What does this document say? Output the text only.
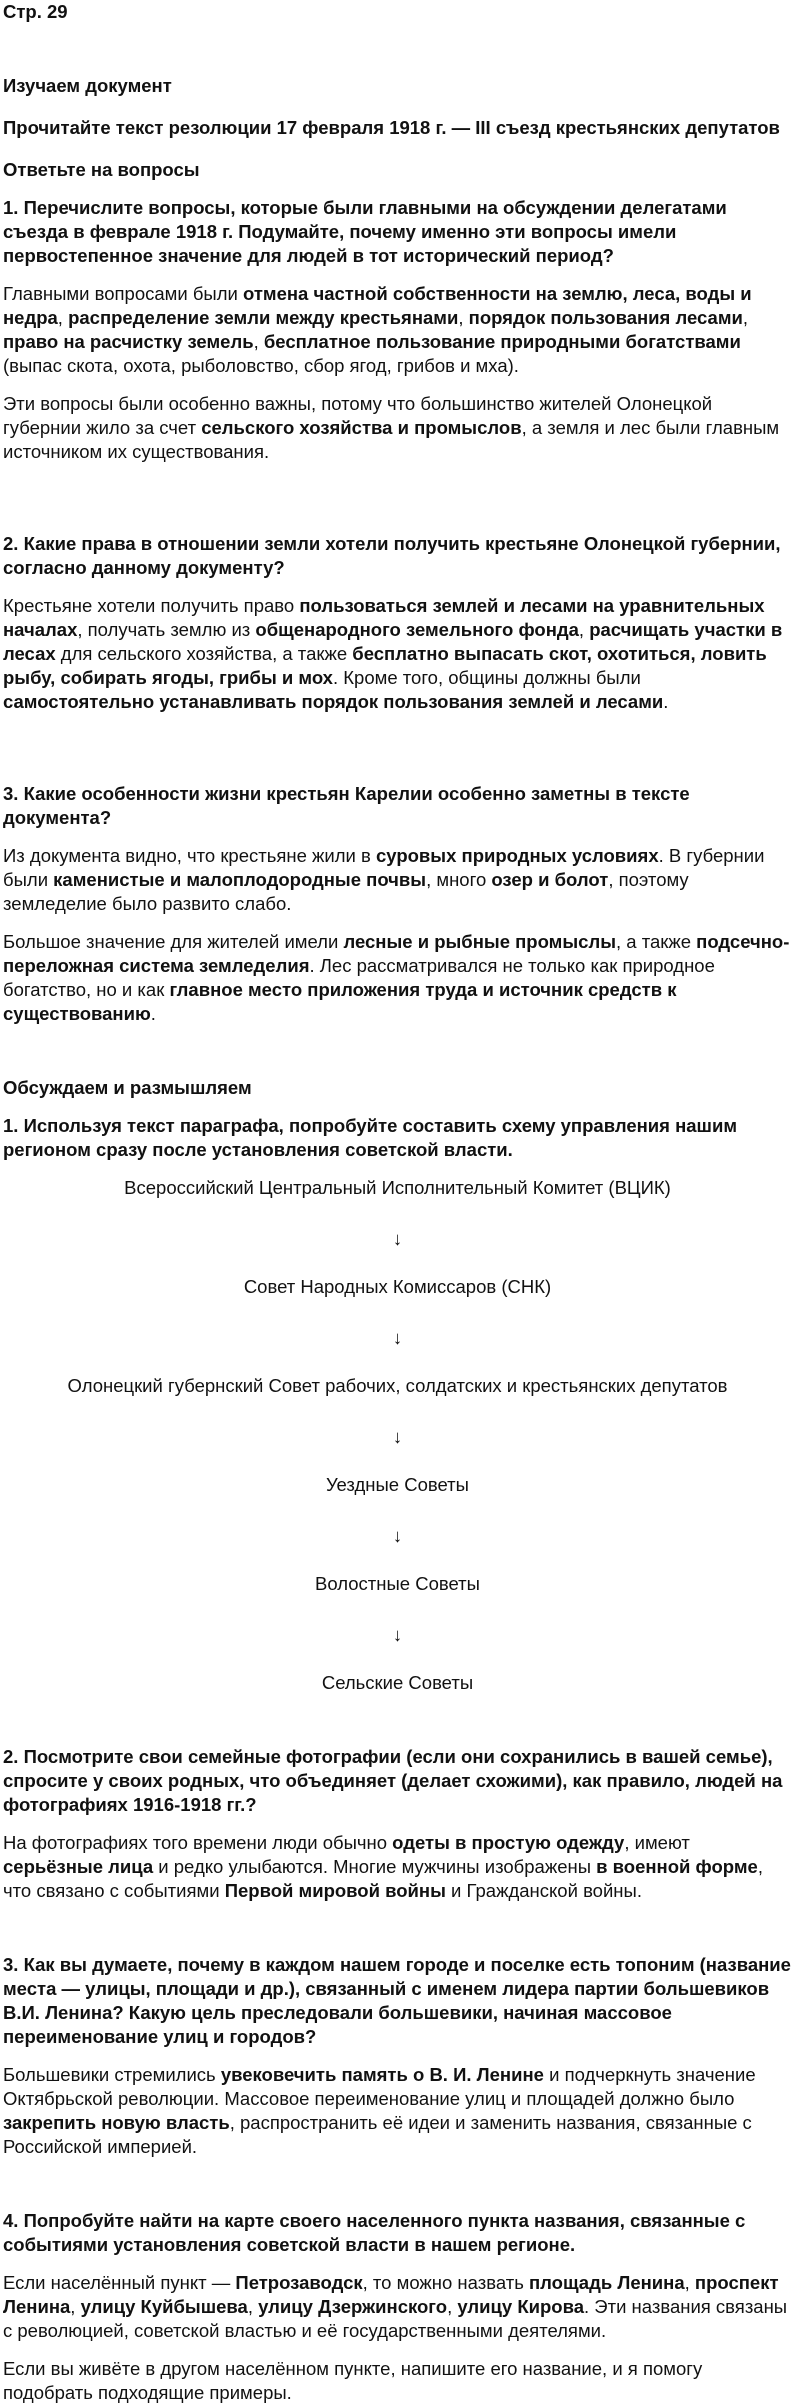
Стр. 29

Изучаем документ

Прочитайте текст резолюции 17 февраля 1918 г. — III съезд крестьянских депутатов

Ответьте на вопросы

1. Перечислите вопросы, которые были главными на обсуждении делегатами съезда в феврале 1918 г. Подумайте, почему именно эти вопросы имели первостепенное значение для людей в тот исторический период?

Главными вопросами были отмена частной собственности на землю, леса, воды и недра, распределение земли между крестьянами, порядок пользования лесами, право на расчистку земель, бесплатное пользование природными богатствами (выпас скота, охота, рыболовство, сбор ягод, грибов и мха).

Эти вопросы были особенно важны, потому что большинство жителей Олонецкой губернии жило за счет сельского хозяйства и промыслов, а земля и лес были главным источником их существования.

2. Какие права в отношении земли хотели получить крестьяне Олонецкой губернии, согласно данному документу?

Крестьяне хотели получить право пользоваться землей и лесами на уравнительных началах, получать землю из общенародного земельного фонда, расчищать участки в лесах для сельского хозяйства, а также бесплатно выпасать скот, охотиться, ловить рыбу, собирать ягоды, грибы и мох. Кроме того, общины должны были самостоятельно устанавливать порядок пользования землей и лесами.

3. Какие особенности жизни крестьян Карелии особенно заметны в тексте документа?

Из документа видно, что крестьяне жили в суровых природных условиях. В губернии были каменистые и малоплодородные почвы, много озер и болот, поэтому земледелие было развито слабо.

Большое значение для жителей имели лесные и рыбные промыслы, а также подсечно-переложная система земледелия. Лес рассматривался не только как природное богатство, но и как главное место приложения труда и источник средств к существованию.

Обсуждаем и размышляем

1. Используя текст параграфа, попробуйте составить схему управления нашим регионом сразу после установления советской власти.

Всероссийский Центральный Исполнительный Комитет (ВЦИК)
↓
Совет Народных Комиссаров (СНК)
↓
Олонецкий губернский Совет рабочих, солдатских и крестьянских депутатов
↓
Уездные Советы
↓
Волостные Советы
↓
Сельские Советы

2. Посмотрите свои семейные фотографии (если они сохранились в вашей семье), спросите у своих родных, что объединяет (делает схожими), как правило, людей на фотографиях 1916-1918 гг.?

На фотографиях того времени люди обычно одеты в простую одежду, имеют серьёзные лица и редко улыбаются. Многие мужчины изображены в военной форме, что связано с событиями Первой мировой войны и Гражданской войны.

3. Как вы думаете, почему в каждом нашем городе и поселке есть топоним (название места — улицы, площади и др.), связанный с именем лидера партии большевиков В.И. Ленина? Какую цель преследовали большевики, начиная массовое переименование улиц и городов?

Большевики стремились увековечить память о В. И. Ленине и подчеркнуть значение Октябрьской революции. Массовое переименование улиц и площадей должно было закрепить новую власть, распространить её идеи и заменить названия, связанные с Российской империей.

4. Попробуйте найти на карте своего населенного пункта названия, связанные с событиями установления советской власти в нашем регионе.

Если населённый пункт — Петрозаводск, то можно назвать площадь Ленина, проспект Ленина, улицу Куйбышева, улицу Дзержинского, улицу Кирова. Эти названия связаны с революцией, советской властью и её государственными деятелями.

Если вы живёте в другом населённом пункте, напишите его название, и я помогу подобрать подходящие примеры.
